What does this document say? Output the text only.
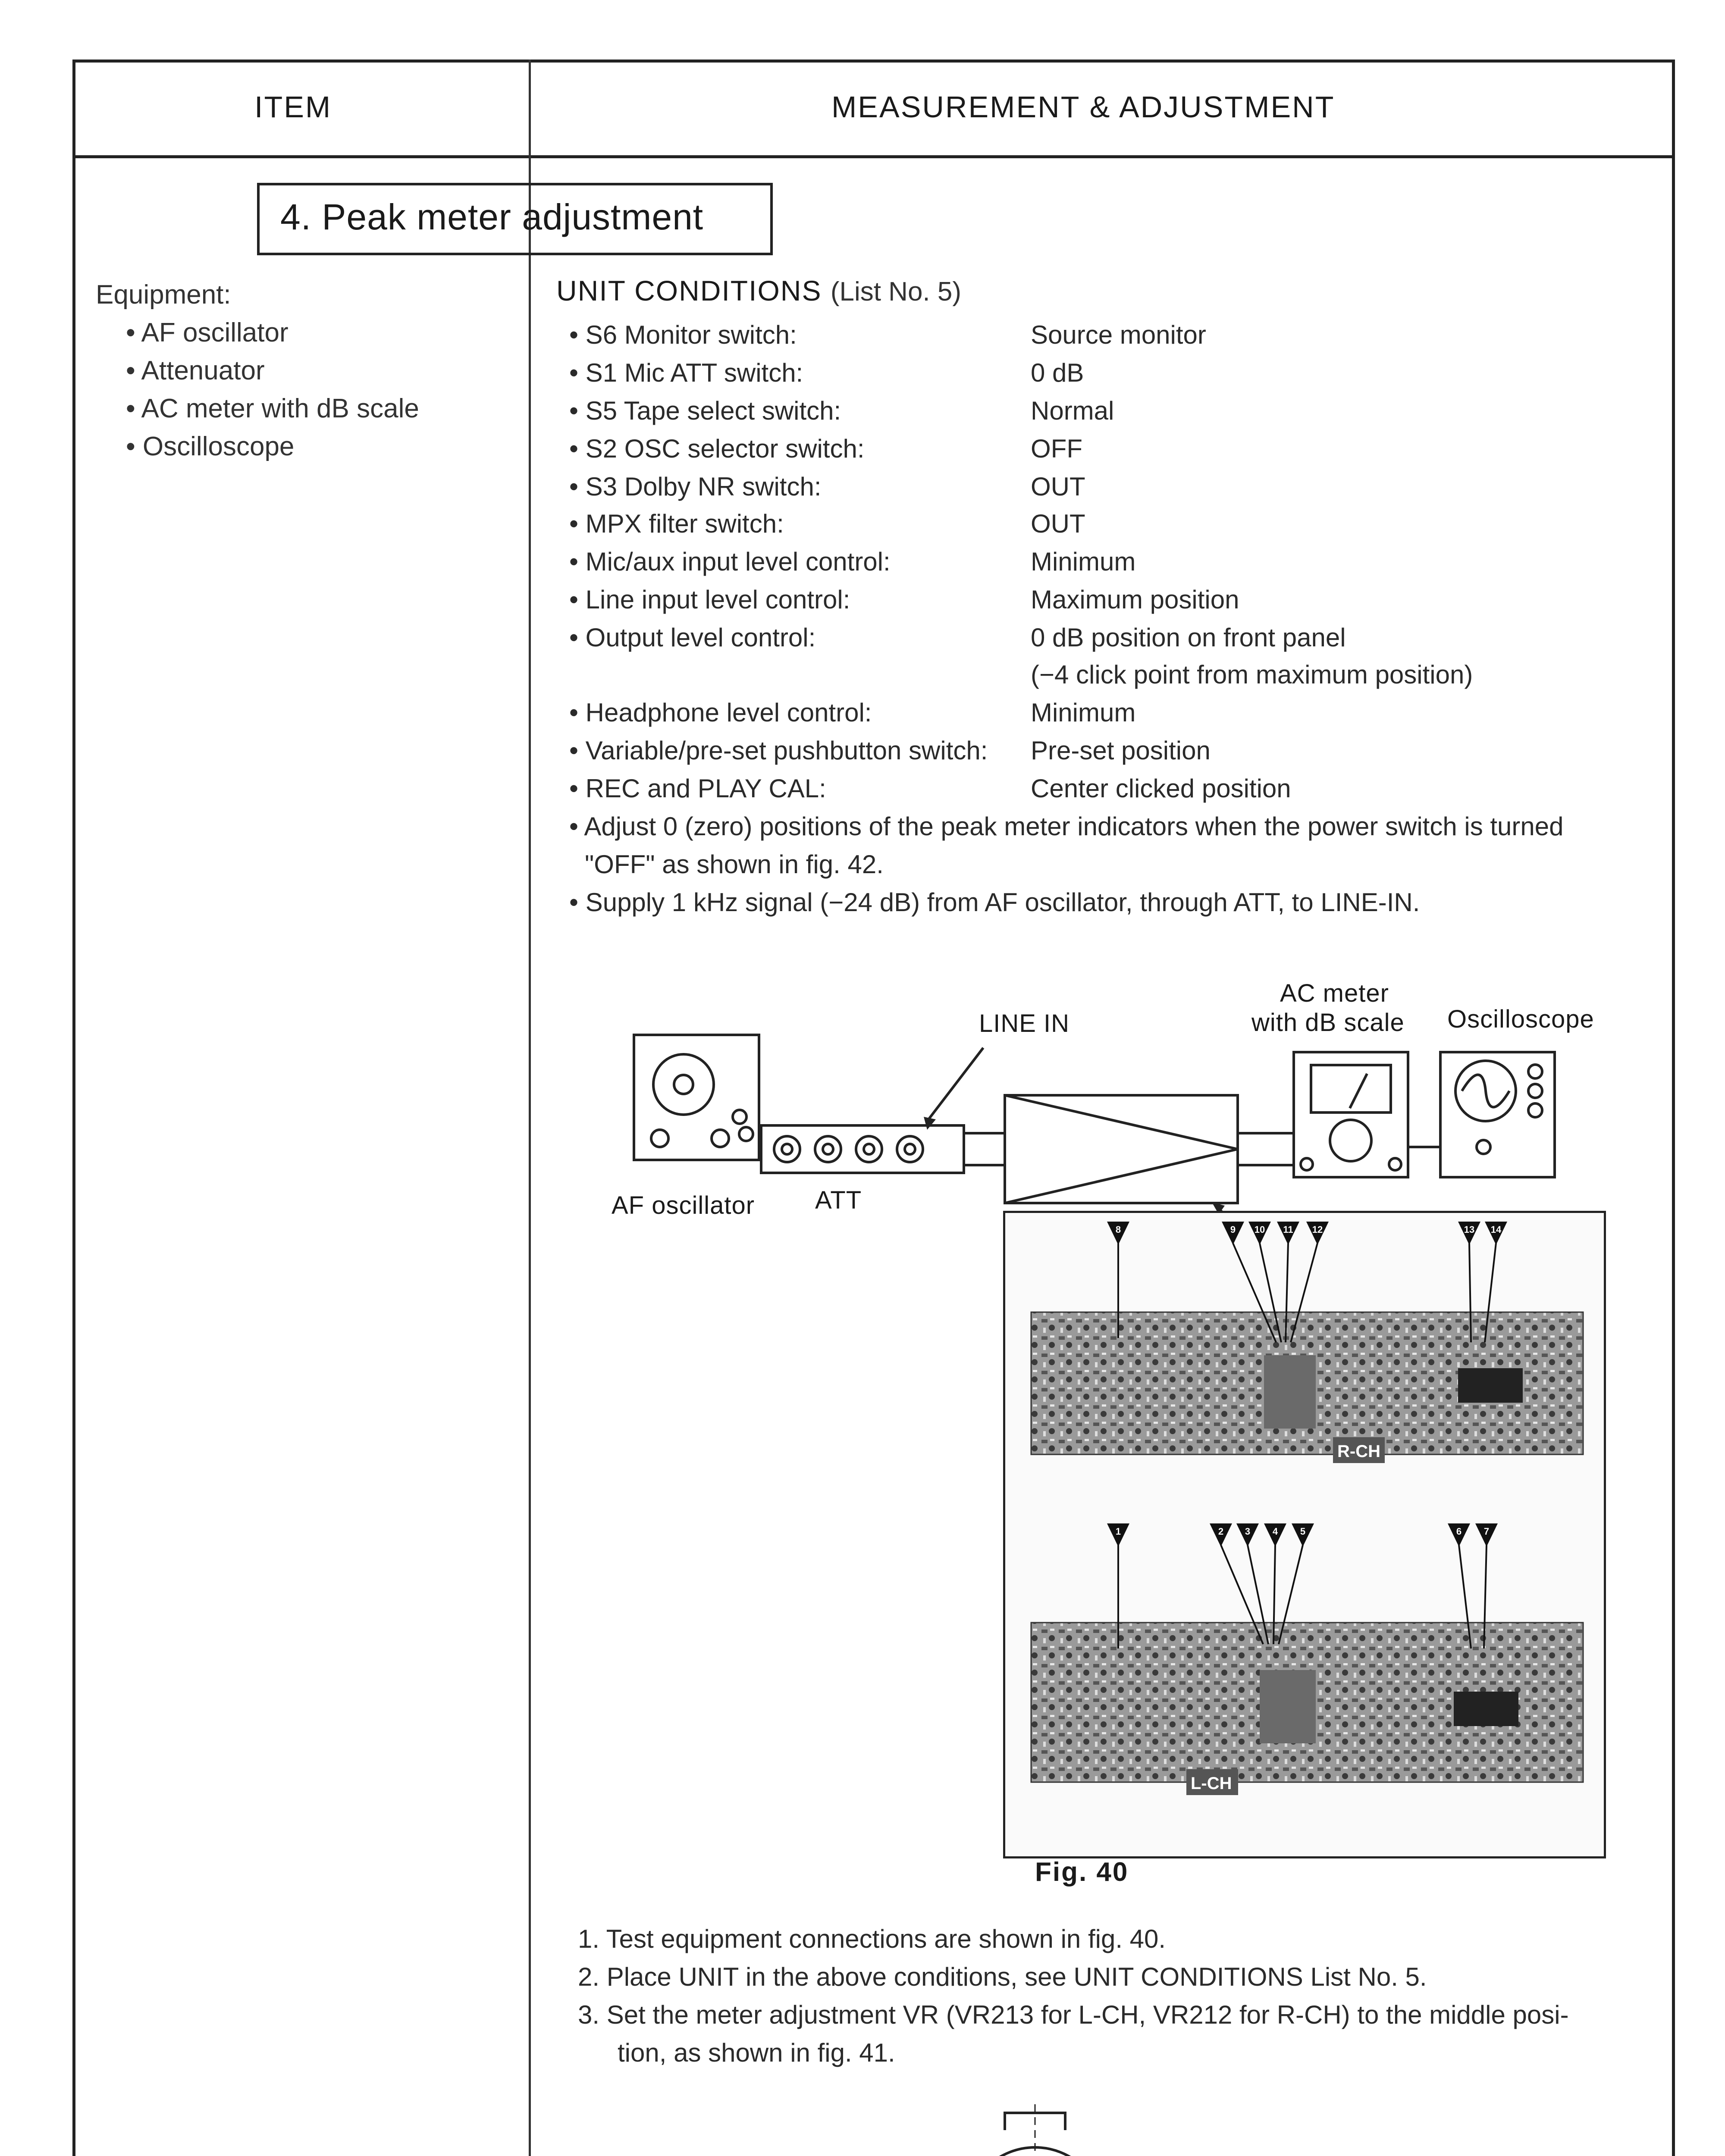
ITEM	MEASUREMENT & ADJUSTMENT
4. Peak meter adjustment
Equipment:
• AF oscillator
• Attenuator
• AC meter with dB scale
• Oscilloscope
UNIT CONDITIONS (List No. 5)
• S6 Monitor switch:	Source monitor
• S1 Mic ATT switch:	0 dB
• S5 Tape select switch:	Normal
• S2 OSC selector switch:	OFF
• S3 Dolby NR switch:	OUT
• MPX filter switch:	OUT
• Mic/aux input level control:	Minimum
• Line input level control:	Maximum position
• Output level control:	0 dB position on front panel
(−4 click point from maximum position)
• Headphone level control:	Minimum
• Variable/pre-set pushbutton switch: Pre-set position
• REC and PLAY CAL:	Center clicked position
• Adjust 0 (zero) positions of the peak meter indicators when the power switch is turned
"OFF" as shown in fig. 42.
• Supply 1 kHz signal (−24 dB) from AF oscillator, through ATT, to LINE-IN.
LINE IN
AC meter
with dB scale Oscilloscope
AF oscillator ATT
8	9 10 11 12	13 14
1	2 3 4 5	6 7
R-CH
L-CH
Fig. 40
1. Test equipment connections are shown in fig. 40.
2. Place UNIT in the above conditions, see UNIT CONDITIONS List No. 5.
3. Set the meter adjustment VR (VR213 for L-CH, VR212 for R-CH) to the middle posi-
tion, as shown in fig. 41.
